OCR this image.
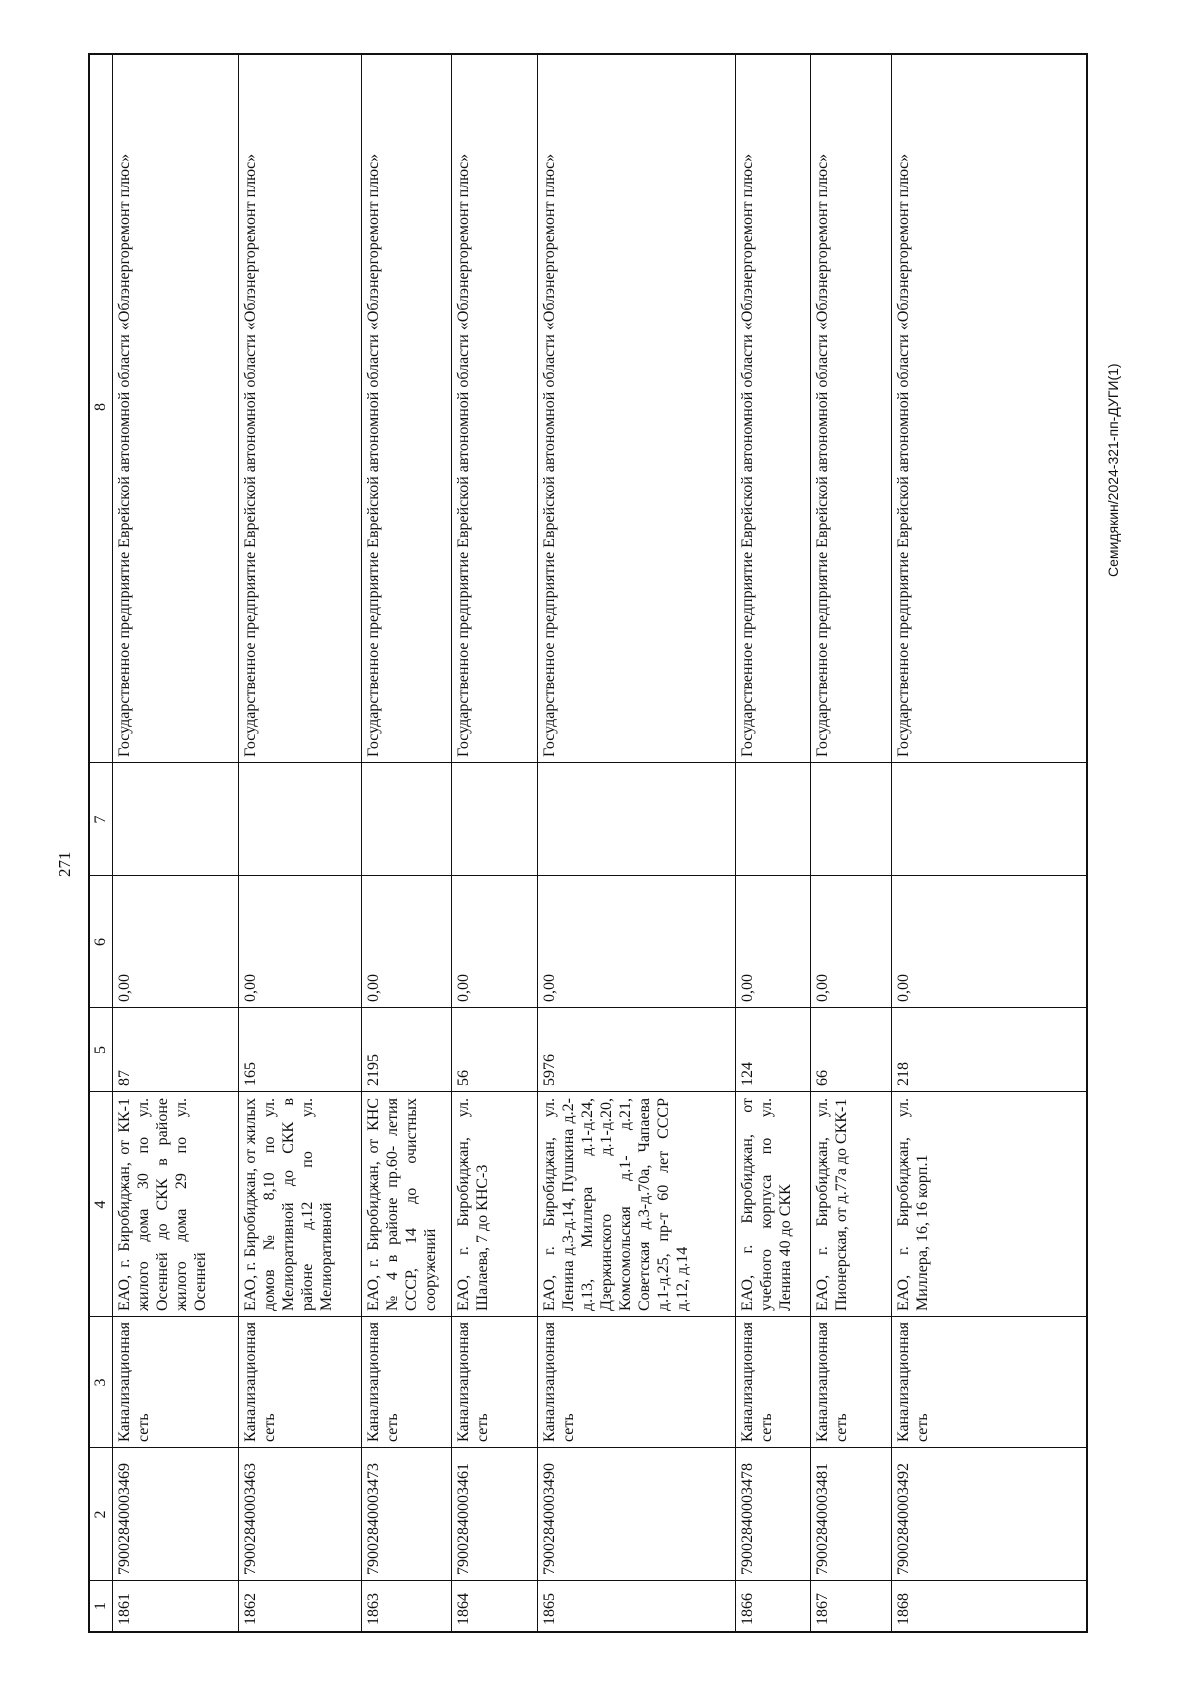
271
1
2
3
4
5
6
7
8
1861
79002840003469
Канализационная сеть
ЕАО, г. Биробиджан, от КК-1 жилого дома 30 по ул. Осенней до СКК в районе жилого дома 29 по ул. Осенней
87
0,00
Государственное предприятие Еврейской автономной области «Облэнергоремонт плюс»
1862
79002840003463
Канализационная сеть
ЕАО, г. Биробиджан, от жилых домов № 8,10 по ул. Мелиоративной до СКК в районе д.12 по ул. Мелиоративной
165
0,00
Государственное предприятие Еврейской автономной области «Облэнергоремонт плюс»
1863
79002840003473
Канализационная сеть
ЕАО, г. Биробиджан, от КНС № 4 в районе пр.60- летия СССР, 14 до очистных сооружений
2195
0,00
Государственное предприятие Еврейской автономной области «Облэнергоремонт плюс»
1864
79002840003461
Канализационная сеть
ЕАО, г. Биробиджан, ул. Шалаева, 7 до КНС-3
56
0,00
Государственное предприятие Еврейской автономной области «Облэнергоремонт плюс»
1865
79002840003490
Канализационная сеть
ЕАО, г. Биробиджан, ул. Ленина д.3-д.14, Пушкина д.2-д.13, Миллера д.1-д.24, Дзержинского д.1-д.20, Комсомольская д.1- д.21, Советская д.3-д.70а, Чапаева д.1-д.25, пр-т 60 лет СССР д.12, д.14
5976
0,00
Государственное предприятие Еврейской автономной области «Облэнергоремонт плюс»
1866
79002840003478
Канализационная сеть
ЕАО, г. Биробиджан, от учебного корпуса по ул. Ленина 40 до СКК
124
0,00
Государственное предприятие Еврейской автономной области «Облэнергоремонт плюс»
1867
79002840003481
Канализационная сеть
ЕАО, г. Биробиджан, ул. Пионерская, от д.77а до СКК-1
66
0,00
Государственное предприятие Еврейской автономной области «Облэнергоремонт плюс»
1868
79002840003492
Канализационная сеть
ЕАО, г. Биробиджан, ул. Миллера, 16, 16 корп.1
218
0,00
Государственное предприятие Еврейской автономной области «Облэнергоремонт плюс»	Семидякин/2024-321-пп-ДУГИ(1)
